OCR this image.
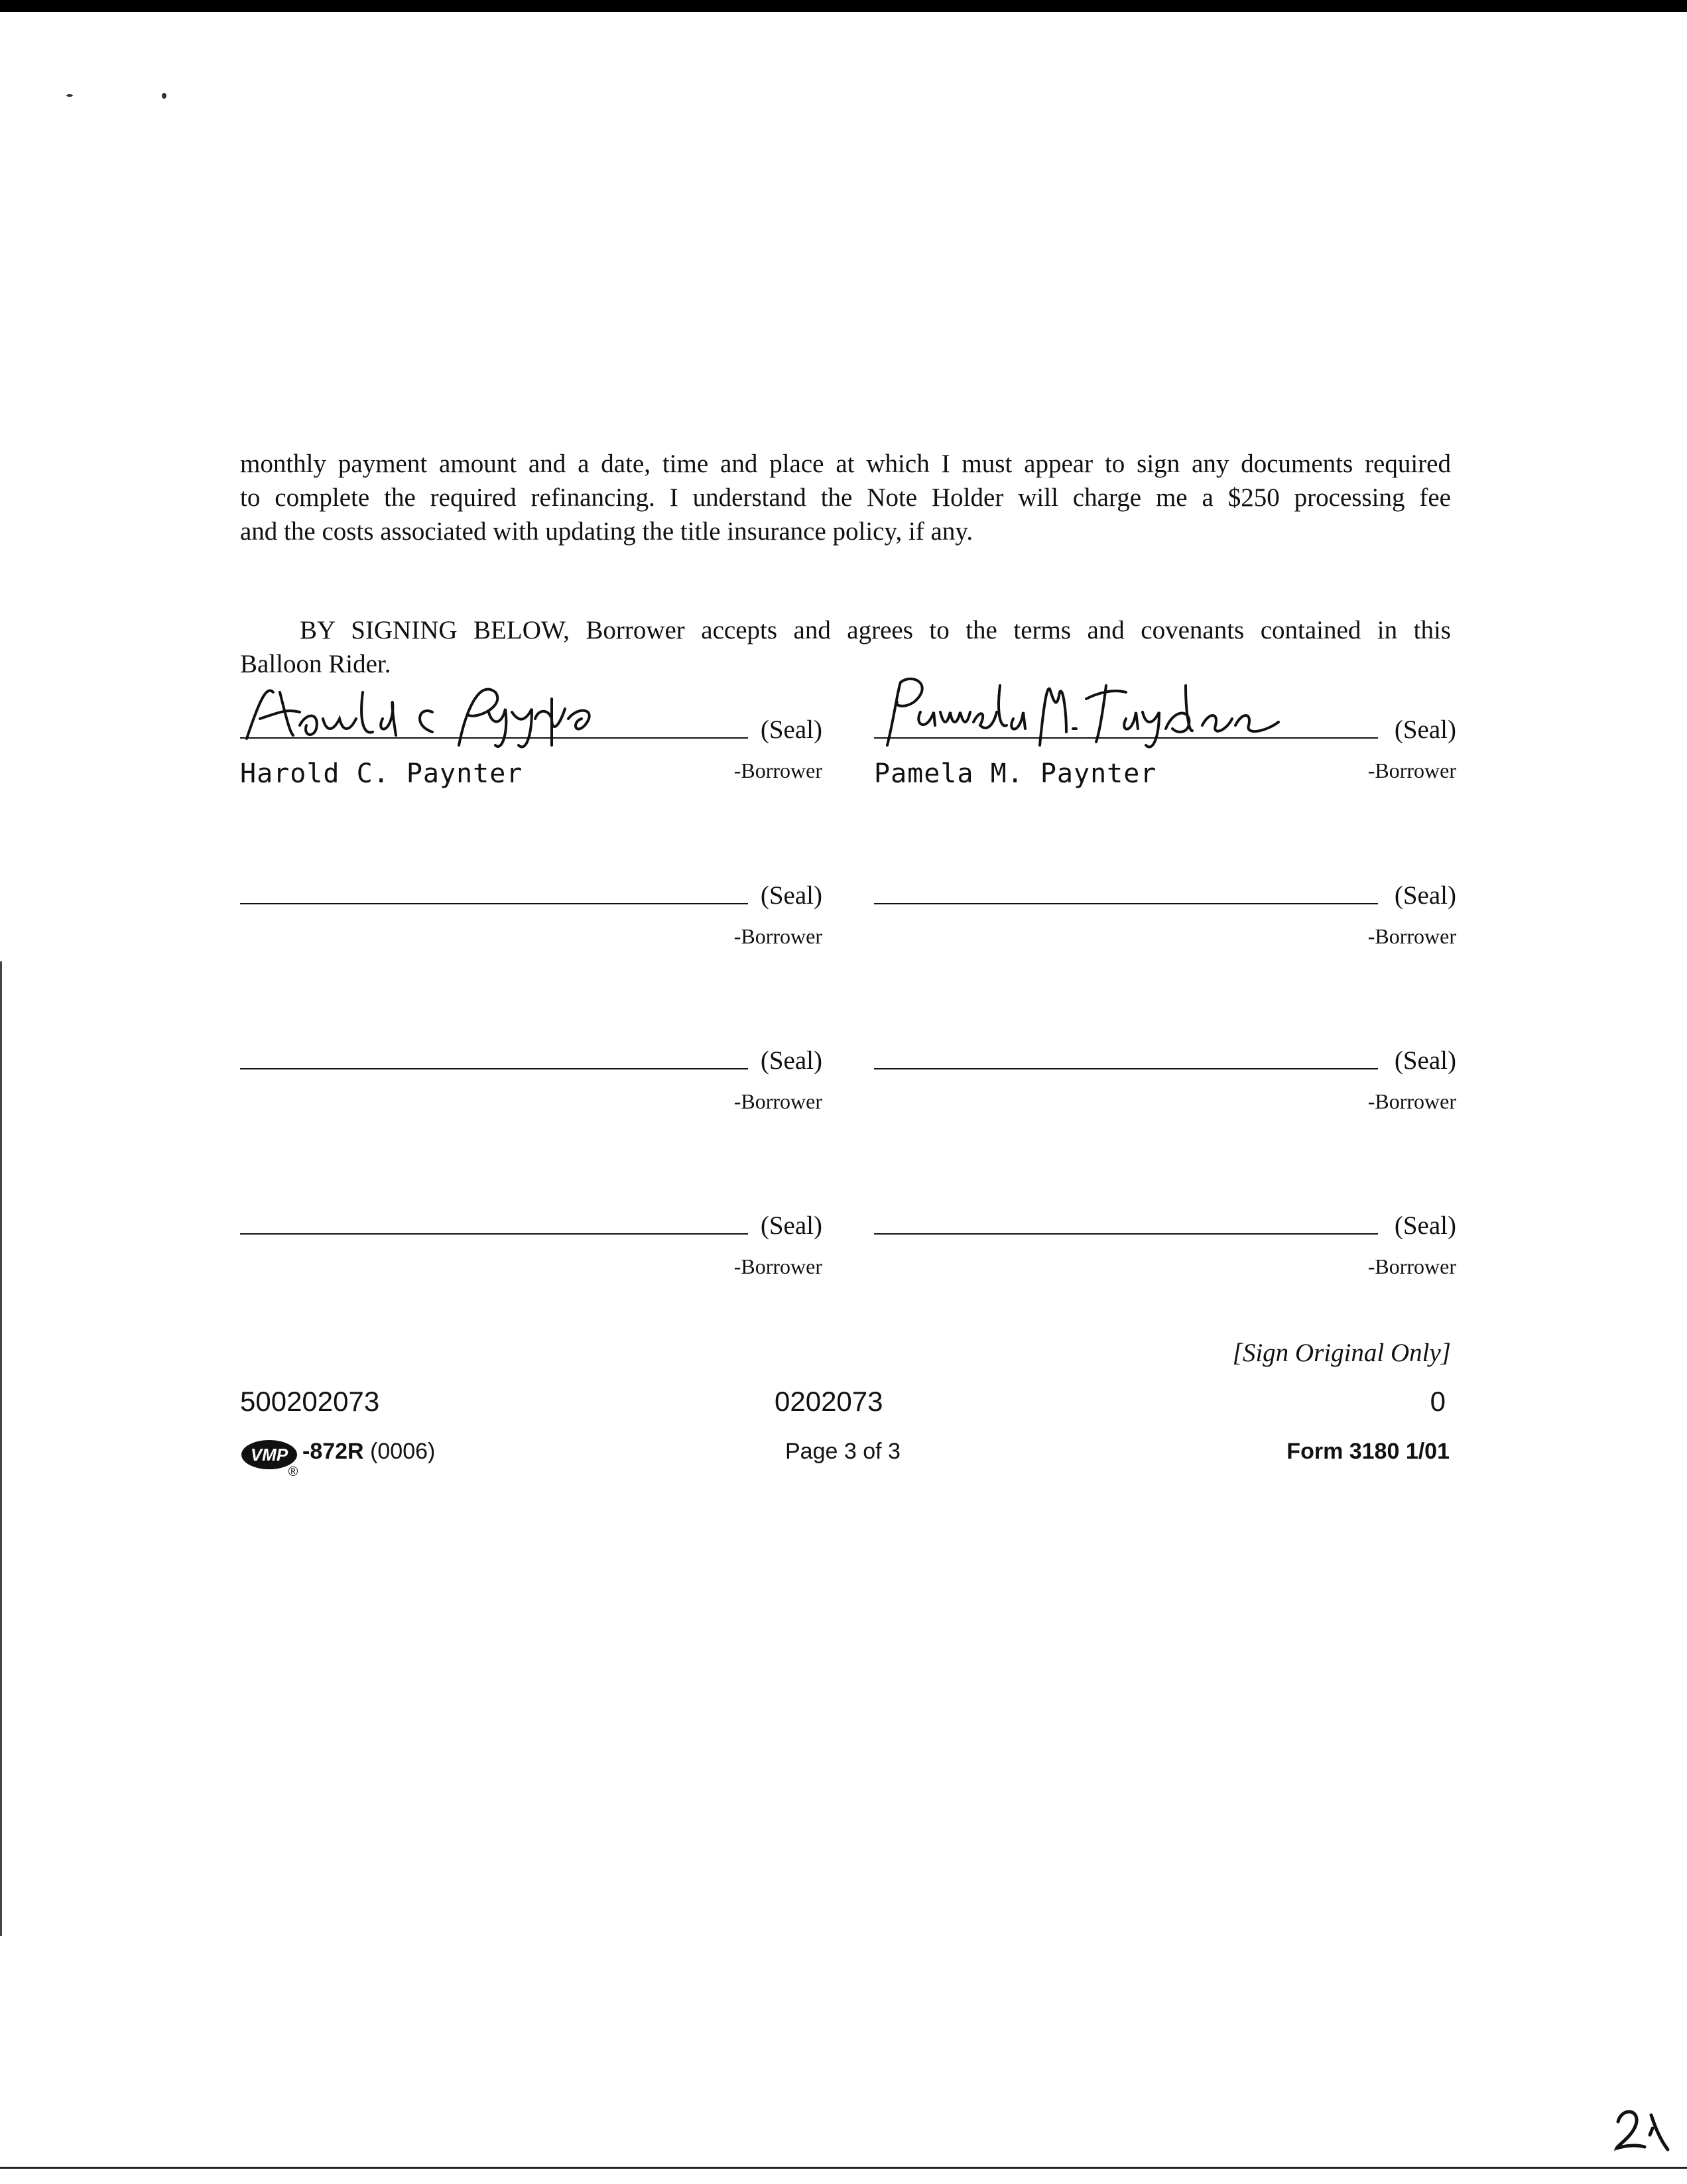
monthly payment amount and a date, time and place at which I must appear to sign any documents required
to complete the required refinancing. I understand the Note Holder will charge me a $250 processing fee
and the costs associated with updating the title insurance policy, if any.
BY SIGNING BELOW, Borrower accepts and agrees to the terms and covenants contained in this
Balloon Rider.
(Seal)
Harold C. Paynter	-Borrower
(Seal)
Pamela M. Paynter	-Borrower
(Seal)
-Borrower
(Seal)
-Borrower
(Seal)
-Borrower
(Seal)
-Borrower
(Seal)
-Borrower
(Seal)
-Borrower
[Sign Original Only]
500202073	0202073	0
VMP
®
-872R (0006)	Page 3 of 3	Form 3180 1/01
